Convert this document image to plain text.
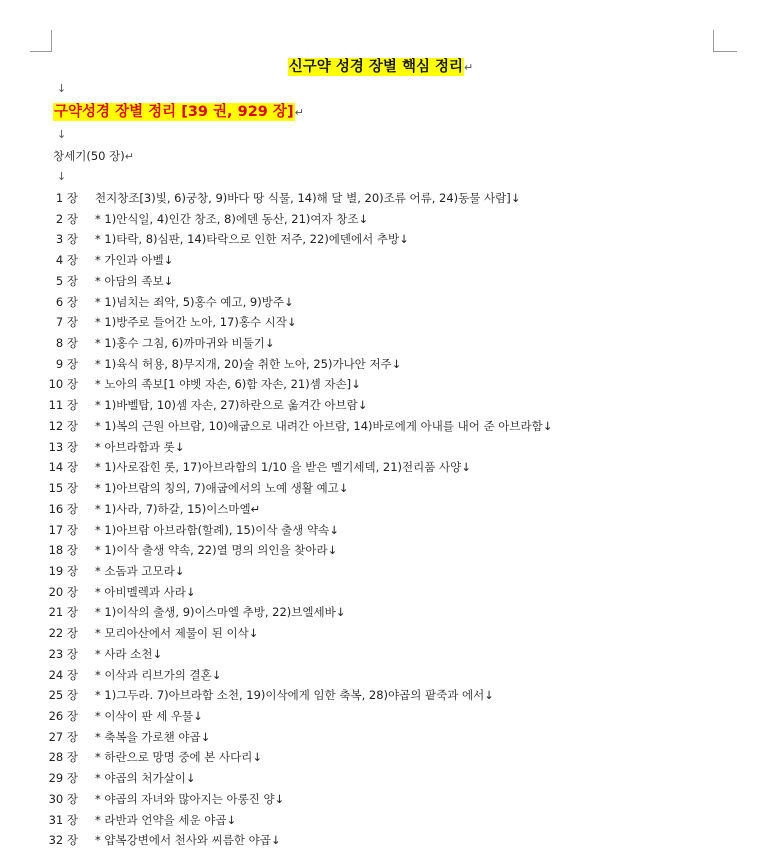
신구약 성경 장별 핵심 정리↵
↓
구약성경 장별 정리 [39 권, 929 장]↵
↓
창세기(50 장)↵
↓
1 장 천지창조[3)빛, 6)궁창, 9)바다 땅 식물, 14)해 달 별, 20)조류 어류, 24)동물 사람]↓
2 장 * 1)안식일, 4)인간 창조, 8)에덴 동산, 21)여자 창조↓
3 장 * 1)타락, 8)심판, 14)타락으로 인한 저주, 22)에덴에서 추방↓
4 장 * 가인과 아벨↓
5 장 * 아담의 족보↓
6 장 * 1)넘치는 죄악, 5)홍수 예고, 9)방주↓
7 장 * 1)방주로 들어간 노아, 17)홍수 시작↓
8 장 * 1)홍수 그침, 6)까마귀와 비둘기↓
9 장 * 1)육식 허용, 8)무지개, 20)술 취한 노아, 25)가나안 저주↓
10 장 * 노아의 족보[1 야벳 자손, 6)함 자손, 21)셈 자손]↓
11 장 * 1)바벨탑, 10)셈 자손, 27)하란으로 옮겨간 아브람↓
12 장 * 1)복의 근원 아브람, 10)애굽으로 내려간 아브람, 14)바로에게 아내를 내어 준 아브라함↓
13 장 * 아브라함과 롯↓
14 장 * 1)사로잡힌 롯, 17)아브라함의 1/10 을 받은 멜기세덱, 21)전리품 사양↓
15 장 * 1)아브람의 칭의, 7)애굽에서의 노예 생활 예고↓
16 장 * 1)사라, 7)하갈, 15)이스마엘↵
17 장 * 1)아브람 아브라함(할례), 15)이삭 출생 약속↓
18 장 * 1)이삭 출생 약속, 22)열 명의 의인을 찾아라↓
19 장 * 소돔과 고모라↓
20 장 * 아비멜렉과 사라↓
21 장 * 1)이삭의 출생, 9)이스마엘 추방, 22)브엘세바↓
22 장 * 모리아산에서 제물이 된 이삭↓
23 장 * 사라 소천↓
24 장 * 이삭과 리브가의 결혼↓
25 장 * 1)그두라. 7)아브라함 소천, 19)이삭에게 임한 축복, 28)야곱의 팥죽과 에서↓
26 장 * 이삭이 판 세 우물↓
27 장 * 축복을 가로챈 야곱↓
28 장 * 하란으로 망명 중에 본 사다리↓
29 장 * 야곱의 처가살이↓
30 장 * 야곱의 자녀와 많아지는 아롱진 양↓
31 장 * 라반과 언약을 세운 야곱↓
32 장 * 얍복강변에서 천사와 씨름한 야곱↓
